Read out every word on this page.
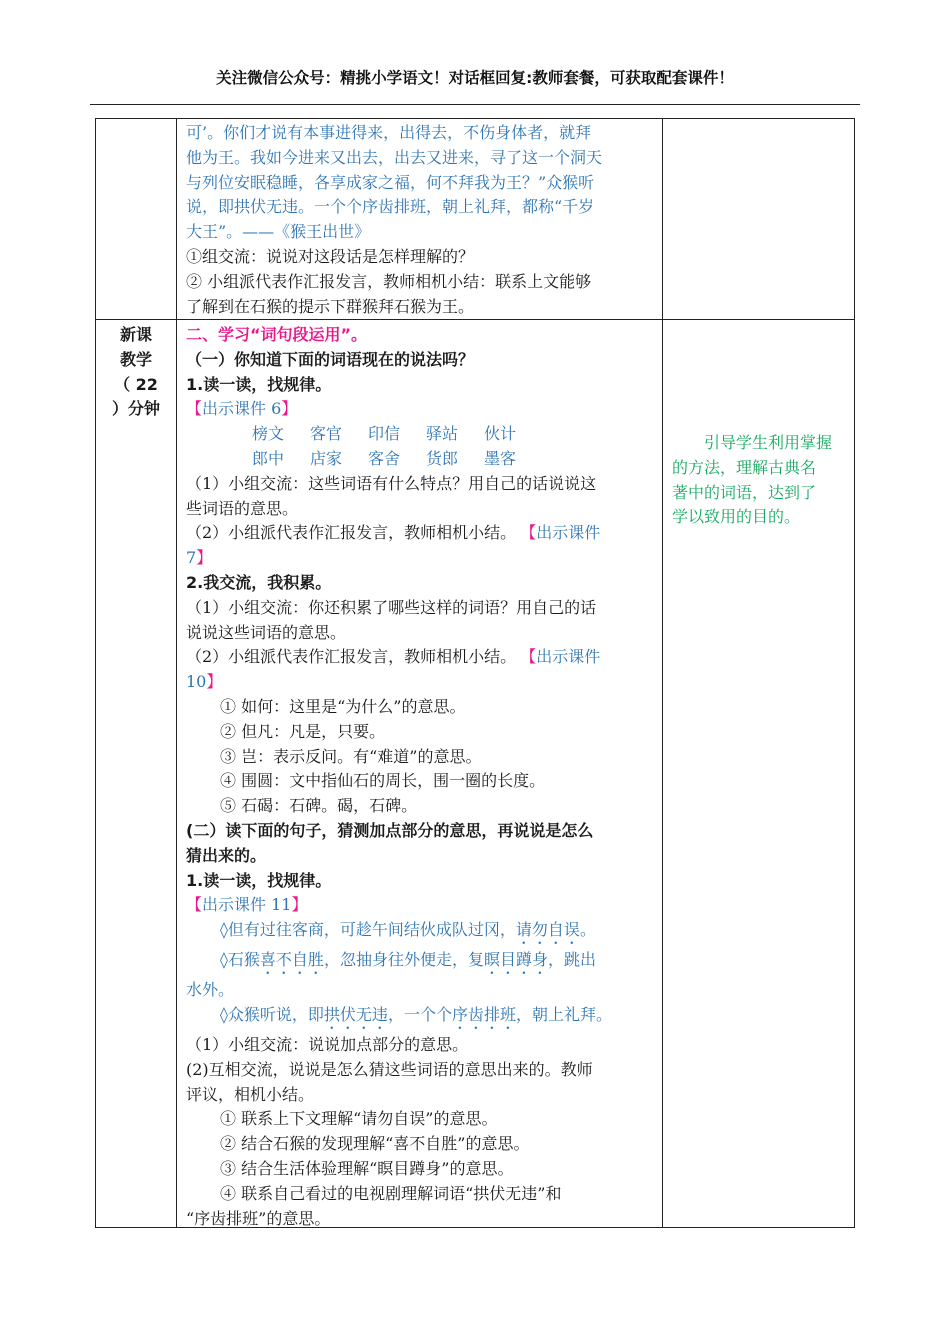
关注微信公众号：精挑小学语文！对话框回复:教师套餐，可获取配套课件！
可’。你们才说有本事进得来，出得去，不伤身体者，就拜
他为王。我如今进来又出去，出去又进来，寻了这一个洞天
与列位安眠稳睡，各享成家之福，何不拜我为王？”众猴听
说，即拱伏无违。一个个序齿排班，朝上礼拜，都称“千岁
大王”。——《猴王出世》
①组交流：说说对这段话是怎样理解的？
② 小组派代表作汇报发言，教师相机小结：联系上文能够
了解到在石猴的提示下群猴拜石猴为王。
新课
教学
（ 22
）分钟
二、学习“词句段运用”。
（一）你知道下面的词语现在的说法吗？
1.读一读，找规律。
【出示课件 6】
榜文 客官 印信 驿站 伙计
郎中 店家 客舍 货郎 墨客
（1）小组交流：这些词语有什么特点？用自己的话说说这
些词语的意思。
（2）小组派代表作汇报发言，教师相机小结。 【出示课件
7】
2.我交流，我积累。
（1）小组交流：你还积累了哪些这样的词语？用自己的话
说说这些词语的意思。
（2）小组派代表作汇报发言，教师相机小结。 【出示课件
10】
① 如何：这里是“为什么”的意思。
② 但凡：凡是，只要。
③ 岂：表示反问。有“难道”的意思。
④ 围圆：文中指仙石的周长，围一圈的长度。
⑤ 石碣：石碑。碣，石碑。
(二）读下面的句子，猜测加点部分的意思，再说说是怎么
猜出来的。
1.读一读，找规律。
【出示课件 11】
◊但有过往客商，可趁午间结伙成队过冈，请勿自误。
◊石猴喜不自胜，忽抽身往外便走，复瞑目蹲身，跳出
水外。
◊众猴听说，即拱伏无违，一个个序齿排班，朝上礼拜。
（1）小组交流：说说加点部分的意思。
(2)互相交流，说说是怎么猜这些词语的意思出来的。教师
评议，相机小结。
① 联系上下文理解“请勿自误”的意思。
② 结合石猴的发现理解“喜不自胜”的意思。
③ 结合生活体验理解“瞑目蹲身”的意思。
④ 联系自己看过的电视剧理解词语“拱伏无违”和
“序齿排班”的意思。
引导学生利用掌握
的方法，理解古典名
著中的词语，达到了
学以致用的目的。
